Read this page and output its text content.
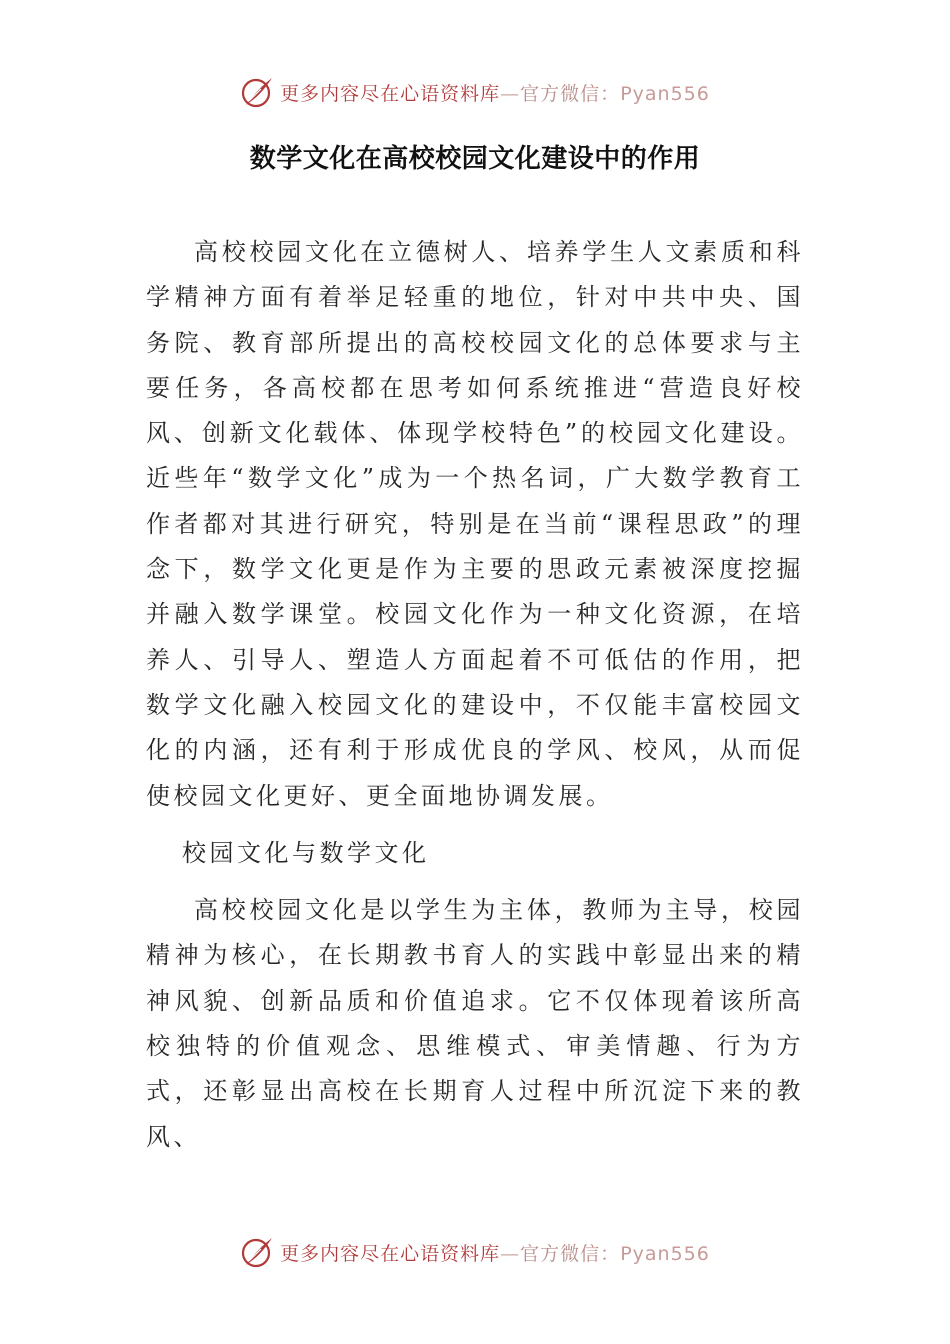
更多内容尽在心语资料库—官方微信：Pyan556
数学文化在高校校园文化建设中的作用

高校校园文化在立德树人、培养学生人文素质和科学精神方面有着举足轻重的地位，针对中共中央、国务院、教育部所提出的高校校园文化的总体要求与主要任务，各高校都在思考如何系统推进“营造良好校风、创新文化载体、体现学校特色”的校园文化建设。近些年“数学文化”成为一个热名词，广大数学教育工作者都对其进行研究，特别是在当前“课程思政”的理念下，数学文化更是作为主要的思政元素被深度挖掘并融入数学课堂。校园文化作为一种文化资源，在培养人、引导人、塑造人方面起着不可低估的作用，把数学文化融入校园文化的建设中，不仅能丰富校园文化的内涵，还有利于形成优良的学风、校风，从而促使校园文化更好、更全面地协调发展。

校园文化与数学文化

高校校园文化是以学生为主体，教师为主导，校园精神为核心，在长期教书育人的实践中彰显出来的精神风貌、创新品质和价值追求。它不仅体现着该所高校独特的价值观念、思维模式、审美情趣、行为方式，还彰显出高校在长期育人过程中所沉淀下来的教风、

更多内容尽在心语资料库—官方微信：Pyan556
